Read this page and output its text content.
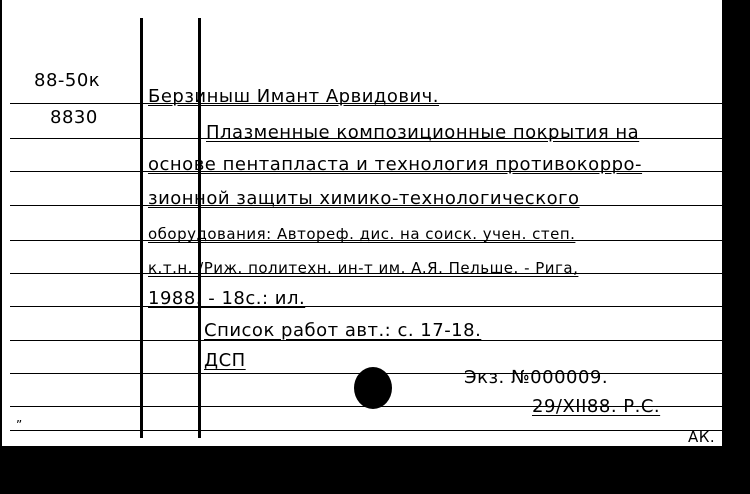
88-50к
8830
Берзиныш Имант Арвидович.
Плазменные композиционные покрытия на
основе пентапласта и технология противокорро-
зионной защиты химико-технологического
оборудования: Автореф. дис. на соиск. учен. степ.
к.т.н. /Риж. политехн. ин-т им. А.Я. Пельше. - Рига,
1988. - 18с.: ил.
Список работ авт.: с. 17-18.
ДСП
Экз. №000009.
29/XII88. Р.С.
АК.
ˮ
